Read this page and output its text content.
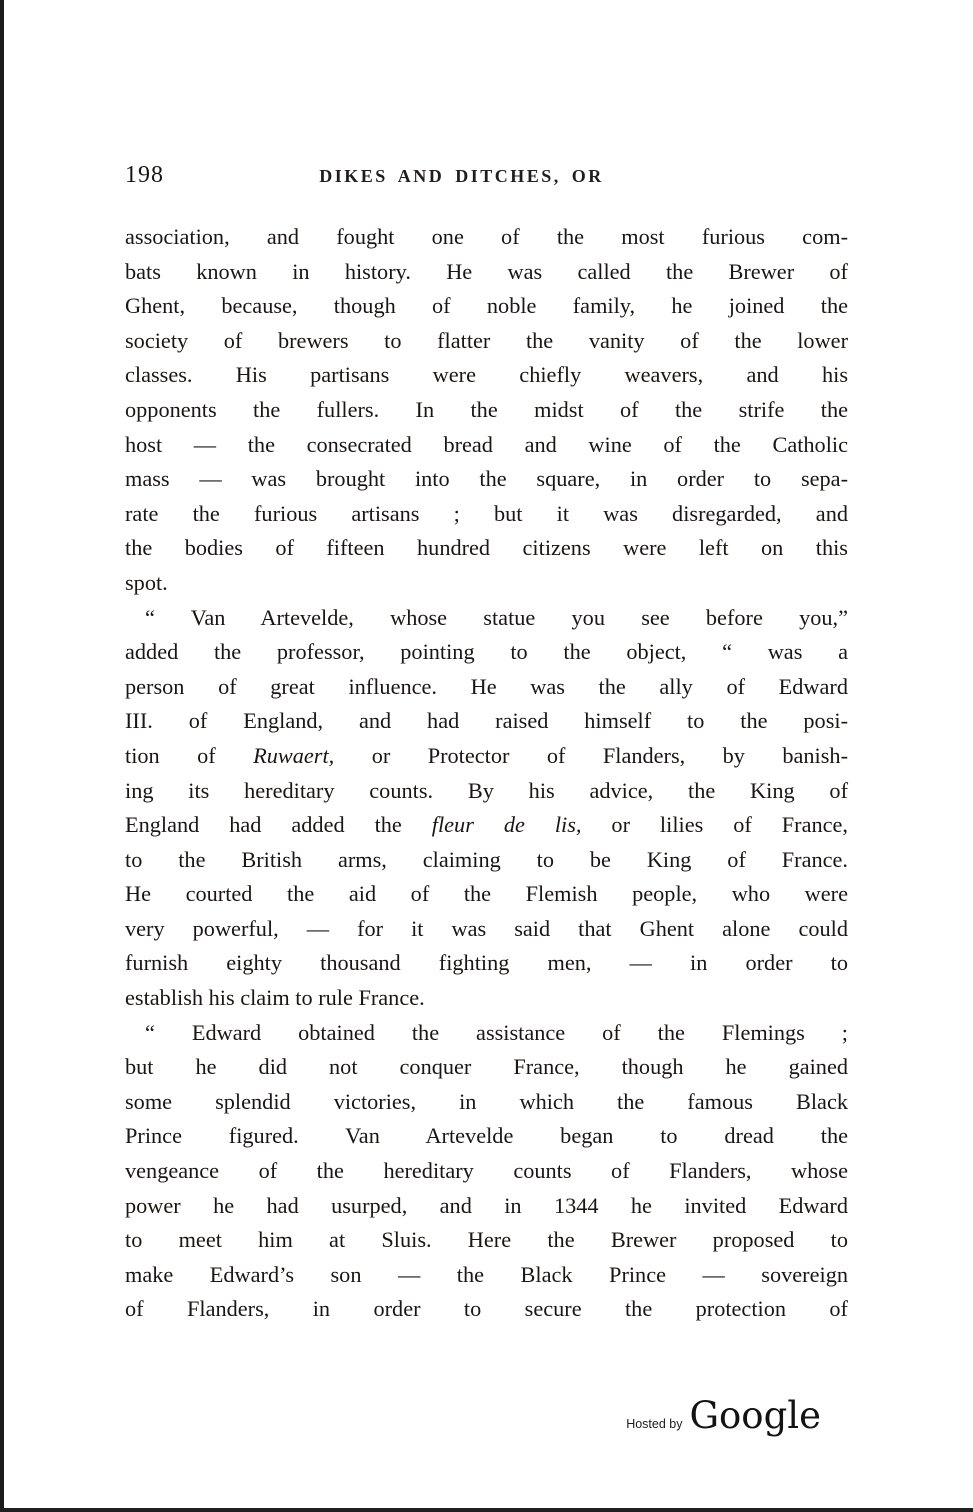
198	DIKES AND DITCHES, OR
association, and fought one of the most furious com-
bats known in history. He was called the Brewer of
Ghent, because, though of noble family, he joined the
society of brewers to flatter the vanity of the lower
classes. His partisans were chiefly weavers, and his
opponents the fullers. In the midst of the strife the
host — the consecrated bread and wine of the Catholic
mass — was brought into the square, in order to sepa-
rate the furious artisans ; but it was disregarded, and
the bodies of fifteen hundred citizens were left on this
spot.
“ Van Artevelde, whose statue you see before you,”
added the professor, pointing to the object, “ was a
person of great influence. He was the ally of Edward
III. of England, and had raised himself to the posi-
tion of Ruwaert, or Protector of Flanders, by banish-
ing its hereditary counts. By his advice, the King of
England had added the fleur de lis, or lilies of France,
to the British arms, claiming to be King of France.
He courted the aid of the Flemish people, who were
very powerful, — for it was said that Ghent alone could
furnish eighty thousand fighting men, — in order to
establish his claim to rule France.
“ Edward obtained the assistance of the Flemings ;
but he did not conquer France, though he gained
some splendid victories, in which the famous Black
Prince figured. Van Artevelde began to dread the
vengeance of the hereditary counts of Flanders, whose
power he had usurped, and in 1344 he invited Edward
to meet him at Sluis. Here the Brewer proposed to
make Edward’s son — the Black Prince — sovereign
of Flanders, in order to secure the protection of
Hosted by Google
